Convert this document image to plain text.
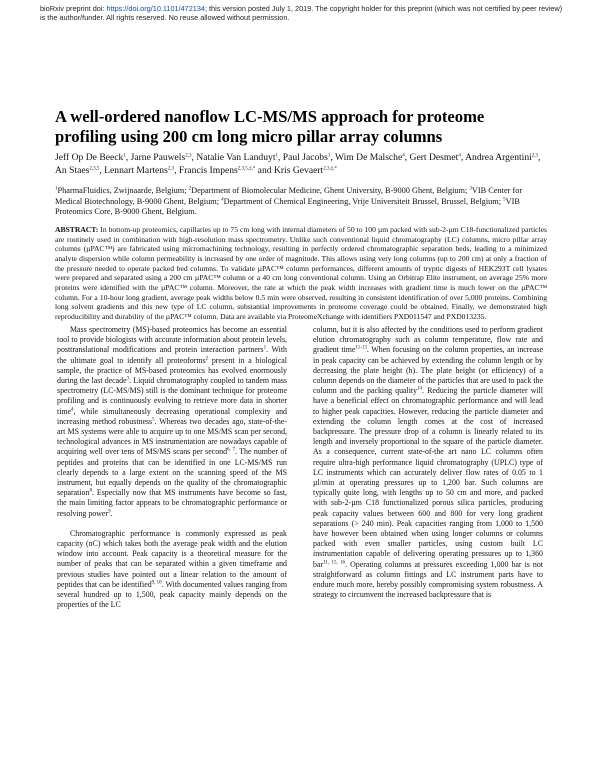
bioRxiv preprint doi: https://doi.org/10.1101/472134; this version posted July 1, 2019. The copyright holder for this preprint (which was not certified by peer review) is the author/funder. All rights reserved. No reuse allowed without permission.
A well-ordered nanoflow LC-MS/MS approach for proteome profiling using 200 cm long micro pillar array columns

Jeff Op De Beeck$^1$, Jarne Pauwels$^{2,3}$, Natalie Van Landuyt$^1$, Paul Jacobs$^1$, Wim De Malsche$^4$, Gert Desmet$^4$, Andrea Argentini$^{2,3}$, An Staes$^{2,3,5}$, Lennart Martens$^{2,3}$, Francis Impens$^{2,3,5,\ddagger,*}$ and Kris Gevaert$^{2,3,\ddagger,*}$

$^1$PharmaFluidics, Zwijnaarde, Belgium; $^2$Department of Biomolecular Medicine, Ghent University, B-9000 Ghent, Belgium; $^3$VIB Center for Medical Biotechnology, B-9000 Ghent, Belgium; $^4$Department of Chemical Engineering, Vrije Universiteit Brussel, Brussel, Belgium; $^5$VIB Proteomics Core, B-9000 Ghent, Belgium.

ABSTRACT: In bottom-up proteomics, capillaries up to 75 cm long with internal diameters of 50 to 100 µm packed with sub-2-µm C18-functionalized particles are routinely used in combination with high-resolution mass spectrometry. Unlike such conventional liquid chromatography (LC) columns, micro pillar array columns (µPAC™) are fabricated using micromachining technology, resulting in perfectly ordered chromatographic separation beds, leading to a minimized analyte dispersion while column permeability is increased by one order of magnitude. This allows using very long columns (up to 200 cm) at only a fraction of the pressure needed to operate packed bed columns. To validate µPAC™ column performances, different amounts of tryptic digests of HEK293T cell lysates were prepared and separated using a 200 cm µPAC™ column or a 40 cm long conventional column. Using an Orbitrap Elite instrument, on average 25% more proteins were identified with the µPAC™ column. Moreover, the rate at which the peak width increases with gradient time is much lower on the µPAC™ column. For a 10-hour long gradient, average peak widths below 0.5 min were observed, resulting in consistent identification of over 5,000 proteins. Combining long solvent gradients and this new type of LC column, substantial improvements in proteome coverage could be obtained. Finally, we demonstrated high reproducibility and durability of the µPAC™ column. Data are available via ProteomeXchange with identifiers PXD011547 and PXD013235.

Mass spectrometry (MS)-based proteomics has become an essential tool to provide biologists with accurate information about protein levels, posttranslational modifications and protein interaction partners$^1$. With the ultimate goal to identify all proteoforms$^2$ present in a biological sample, the practice of MS-based proteomics has evolved enormously during the last decade$^3$. Liquid chromatography coupled to tandem mass spectrometry (LC-MS/MS) still is the dominant technique for proteome profiling and is continuously evolving to retrieve more data in shorter time$^4$, while simultaneously decreasing operational complexity and increasing method robustness$^5$. Whereas two decades ago, state-of-the-art MS systems were able to acquire up to one MS/MS scan per second, technological advances in MS instrumentation are nowadays capable of acquiring well over tens of MS/MS scans per second$^{6, 7}$. The number of peptides and proteins that can be identified in one LC-MS/MS run clearly depends to a large extent on the scanning speed of the MS instrument, but equally depends on the quality of the chromatographic separation$^8$. Especially now that MS instruments have become so fast, the main limiting factor appears to be chromatographic performance or resolving power$^9$.

Chromatographic performance is commonly expressed as peak capacity (nC) which takes both the average peak width and the elution window into account. Peak capacity is a theoretical measure for the number of peaks that can be separated within a given timeframe and previous studies have pointed out a linear relation to the amount of peptides that can be identified$^{9, 10}$. With documented values ranging from several hundred up to 1,500, peak capacity mainly depends on the properties of the LC

column, but it is also affected by the conditions used to perform gradient elution chromatography such as column temperature, flow rate and gradient time$^{11-13}$. When focusing on the column properties, an increase in peak capacity can be achieved by extending the column length or by decreasing the plate height (h). The plate height (or efficiency) of a column depends on the diameter of the particles that are used to pack the column and the packing quality$^{14}$. Reducing the particle diameter will have a beneficial effect on chromatographic performance and will lead to higher peak capacities. However, reducing the particle diameter and extending the column length comes at the cost of increased backpressure. The pressure drop of a column is linearly related to its length and inversely proportional to the square of the particle diameter. As a consequence, current state-of-the art nano LC columns often require ultra-high performance liquid chromatography (UPLC) type of LC instruments which can accurately deliver flow rates of 0.05 to 1 µl/min at operating pressures up to 1,200 bar. Such columns are typically quite long, with lengths up to 50 cm and more, and packed with sub-2-µm C18 functionalized porous silica particles, producing peak capacity values between 600 and 800 for very long gradient separations (> 240 min). Peak capacities ranging from 1,000 to 1,500 have however been obtained when using longer columns or columns packed with even smaller particles, using custom built LC instrumentation capable of delivering operating pressures up to 1,360 bar$^{11, 15, 16}$. Operating columns at pressures exceeding 1,000 bar is not straightforward as column fittings and LC instrument parts have to endure much more, hereby possibly compromising system robustness. A strategy to circumvent the increased backpressure that is
